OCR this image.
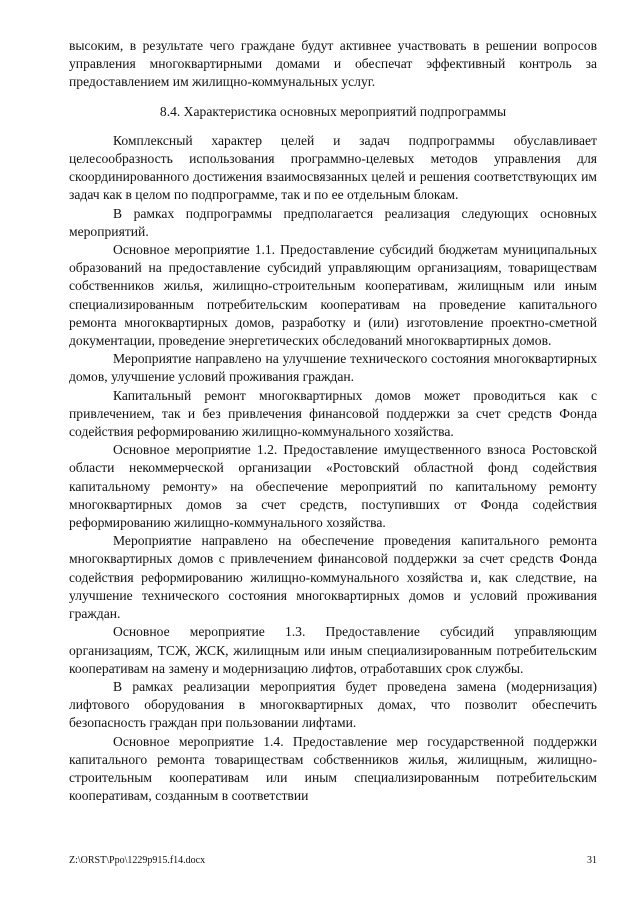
высоким, в результате чего граждане будут активнее участвовать в решении вопросов управления многоквартирными домами и обеспечат эффективный контроль за предоставлением им жилищно-коммунальных услуг.

8.4. Характеристика основных мероприятий подпрограммы

Комплексный характер целей и задач подпрограммы обуславливает целесообразность использования программно-целевых методов управления для скоординированного достижения взаимосвязанных целей и решения соответствующих им задач как в целом по подпрограмме, так и по ее отдельным блокам.

В рамках подпрограммы предполагается реализация следующих основных мероприятий.

Основное мероприятие 1.1. Предоставление субсидий бюджетам муниципальных образований на предоставление субсидий управляющим организациям, товариществам собственников жилья, жилищно-строительным кооперативам, жилищным или иным специализированным потребительским кооперативам на проведение капитального ремонта многоквартирных домов, разработку и (или) изготовление проектно-сметной документации, проведение энергетических обследований многоквартирных домов.

Мероприятие направлено на улучшение технического состояния многоквартирных домов, улучшение условий проживания граждан.

Капитальный ремонт многоквартирных домов может проводиться как с привлечением, так и без привлечения финансовой поддержки за счет средств Фонда содействия реформированию жилищно-коммунального хозяйства.

Основное мероприятие 1.2. Предоставление имущественного взноса Ростовской области некоммерческой организации «Ростовский областной фонд содействия капитальному ремонту» на обеспечение мероприятий по капитальному ремонту многоквартирных домов за счет средств, поступивших от Фонда содействия реформированию жилищно-коммунального хозяйства.

Мероприятие направлено на обеспечение проведения капитального ремонта многоквартирных домов с привлечением финансовой поддержки за счет средств Фонда содействия реформированию жилищно-коммунального хозяйства и, как следствие, на улучшение технического состояния многоквартирных домов и условий проживания граждан.

Основное мероприятие 1.3. Предоставление субсидий управляющим организациям, ТСЖ, ЖСК, жилищным или иным специализированным потребительским кооперативам на замену и модернизацию лифтов, отработавших срок службы.

В рамках реализации мероприятия будет проведена замена (модернизация) лифтового оборудования в многоквартирных домах, что позволит обеспечить безопасность граждан при пользовании лифтами.

Основное мероприятие 1.4. Предоставление мер государственной поддержки капитального ремонта товариществам собственников жилья, жилищным, жилищно-строительным кооперативам или иным специализированным потребительским кооперативам, созданным в соответствии

Z:\ORST\Ppo\1229p915.f14.docx	31
